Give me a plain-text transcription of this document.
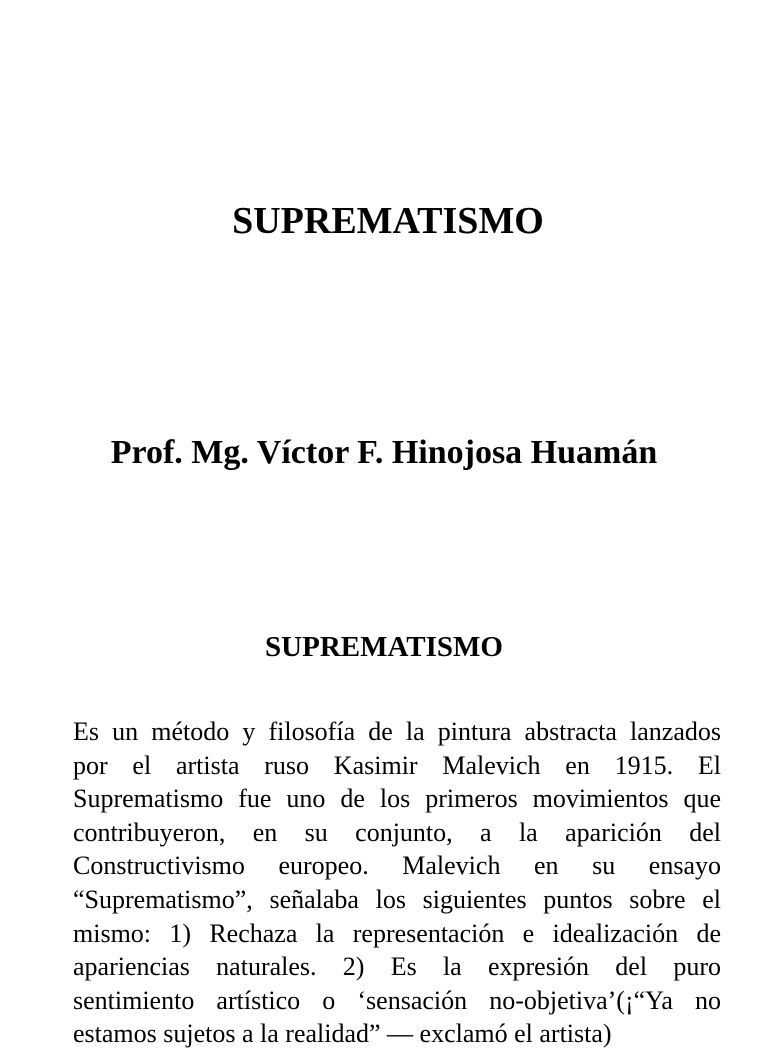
SUPREMATISMO
Prof. Mg. Víctor F. Hinojosa Huamán
SUPREMATISMO
Es un método y filosofía de la pintura abstracta lanzados
por el artista ruso Kasimir Malevich en 1915. El
Suprematismo fue uno de los primeros movimientos que
contribuyeron, en su conjunto, a la aparición del
Constructivismo europeo. Malevich en su ensayo
“Suprematismo”, señalaba los siguientes puntos sobre el
mismo: 1) Rechaza la representación e idealización de
apariencias naturales. 2) Es la expresión del puro
sentimiento artístico o ‘sensación no-objetiva’(¡“Ya no
estamos sujetos a la realidad” — exclamó el artista)
